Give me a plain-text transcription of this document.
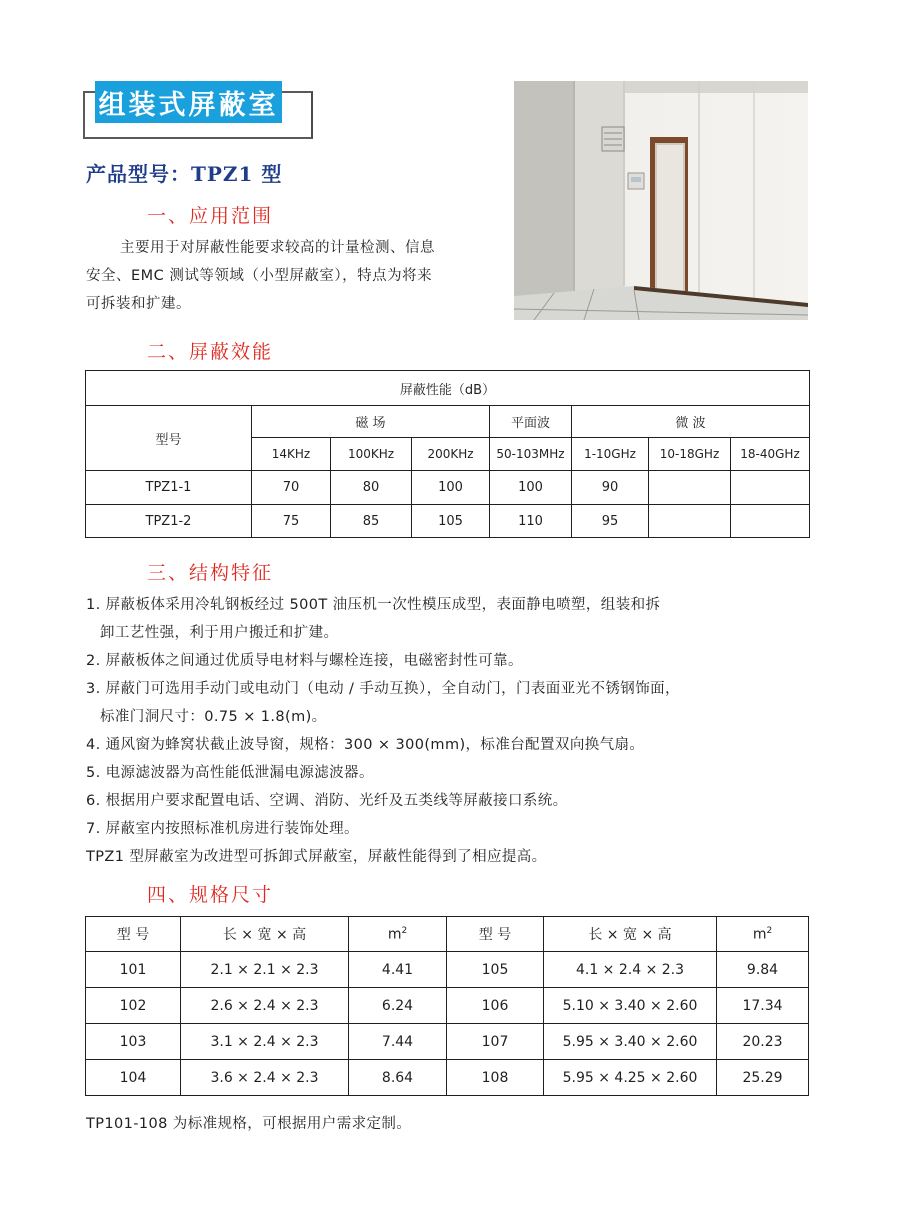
组装式屏蔽室
产品型号：TPZ1 型
一、应用范围
主要用于对屏蔽性能要求较高的计量检测、信息
安全、EMC 测试等领域（小型屏蔽室），特点为将来
可拆装和扩建。
二、屏蔽效能
屏蔽性能（dB）							
型号	磁 场			平面波	微 波		
	14KHz	100KHz	200KHz	50-103MHz	1-10GHz	10-18GHz	18-40GHz
TPZ1-1	70	80	100	100	90		
TPZ1-2	75	85	105	110	95		
三、结构特征
1. 屏蔽板体采用冷轧钢板经过 500T 油压机一次性模压成型，表面静电喷塑，组装和拆
卸工艺性强，利于用户搬迁和扩建。
2. 屏蔽板体之间通过优质导电材料与螺栓连接，电磁密封性可靠。
3. 屏蔽门可选用手动门或电动门（电动 / 手动互换），全自动门，门表面亚光不锈钢饰面，
标准门洞尺寸：0.75 × 1.8(m)。
4. 通风窗为蜂窝状截止波导窗，规格：300 × 300(mm)，标准台配置双向换气扇。
5. 电源滤波器为高性能低泄漏电源滤波器。
6. 根据用户要求配置电话、空调、消防、光纤及五类线等屏蔽接口系统。
7. 屏蔽室内按照标准机房进行装饰处理。
TPZ1 型屏蔽室为改进型可拆卸式屏蔽室，屏蔽性能得到了相应提高。
四、规格尺寸
型 号	长 × 宽 × 高	$m^2$	型 号	长 × 宽 × 高	$m^2$
101	2.1 × 2.1 × 2.3	4.41	105	4.1 × 2.4 × 2.3	9.84
102	2.6 × 2.4 × 2.3	6.24	106	5.10 × 3.40 × 2.60	17.34
103	3.1 × 2.4 × 2.3	7.44	107	5.95 × 3.40 × 2.60	20.23
104	3.6 × 2.4 × 2.3	8.64	108	5.95 × 4.25 × 2.60	25.29
TP101-108 为标准规格，可根据用户需求定制。
